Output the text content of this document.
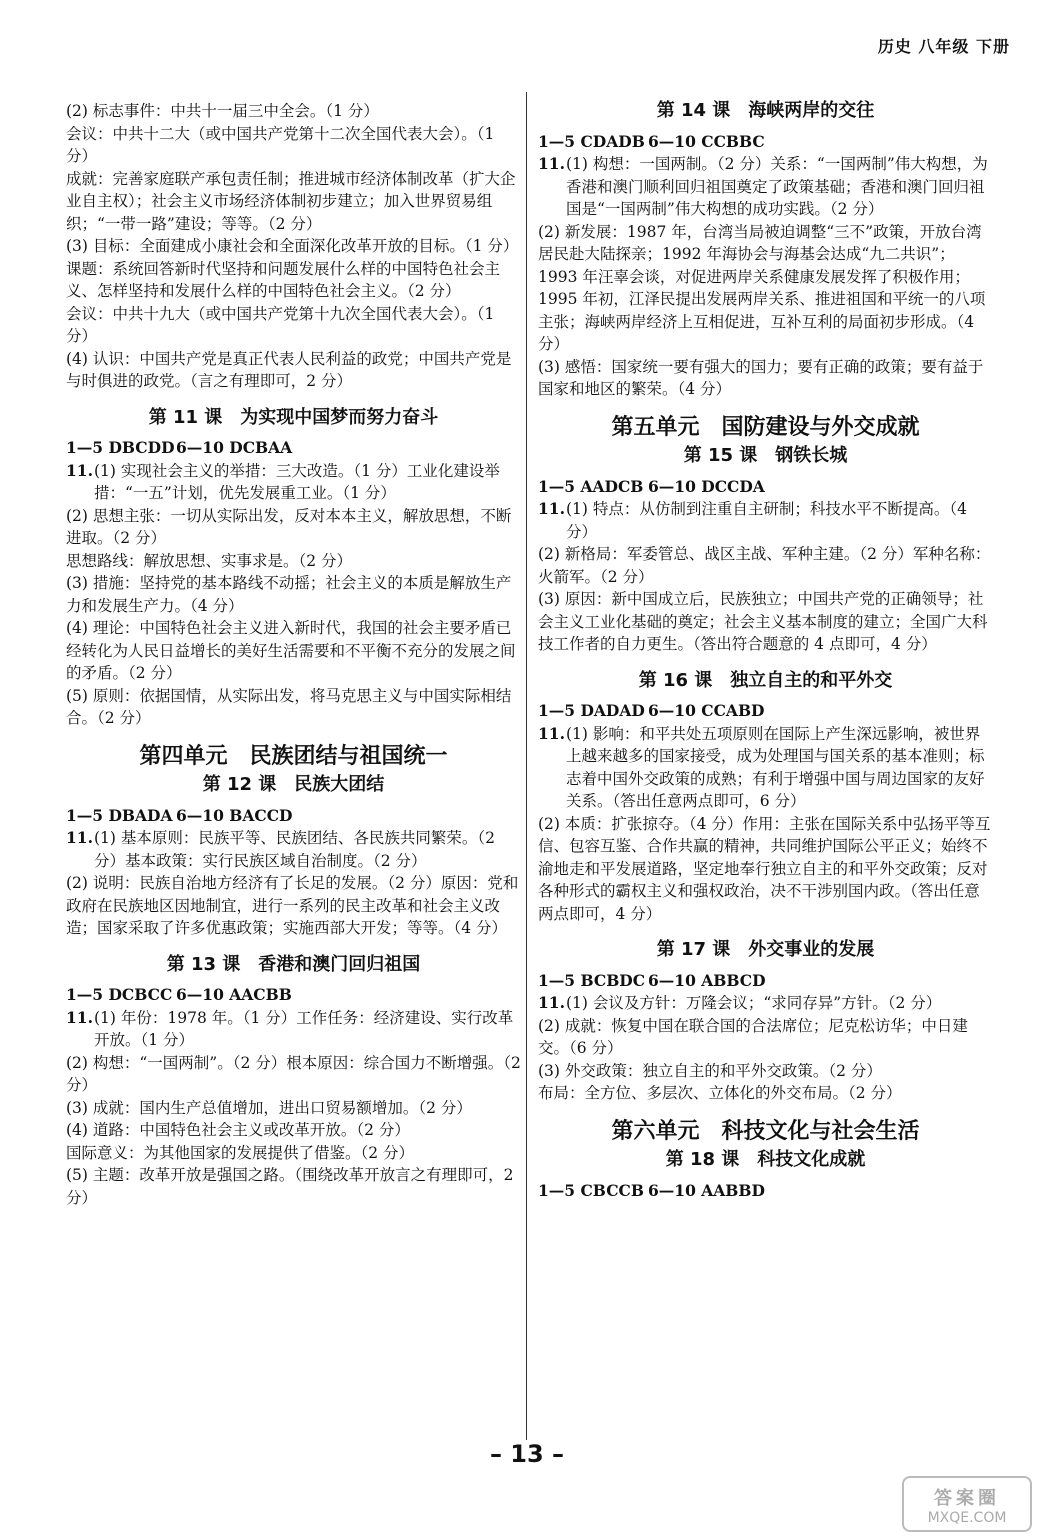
历史 八年级 下册

(2) 标志事件：中共十一届三中全会。（1 分）

会议：中共十二大（或中国共产党第十二次全国代表大会）。（1 分）

成就：完善家庭联产承包责任制；推进城市经济体制改革（扩大企业自主权）；社会主义市场经济体制初步建立；加入世界贸易组织；“一带一路”建设；等等。（2 分）

(3) 目标：全面建成小康社会和全面深化改革开放的目标。（1 分）

课题：系统回答新时代坚持和问题发展什么样的中国特色社会主义、怎样坚持和发展什么样的中国特色社会主义。（2 分）

会议：中共十九大（或中国共产党第十九次全国代表大会）。（1 分）

(4) 认识：中国共产党是真正代表人民利益的政党；中国共产党是与时俱进的政党。（言之有理即可，2 分）

第 11 课　为实现中国梦而努力奋斗

1—5 DBCDD6—10 DCBAA

11.(1) 实现社会主义的举措：三大改造。（1 分）工业化建设举措：“一五”计划，优先发展重工业。（1 分）

(2) 思想主张：一切从实际出发，反对本本主义，解放思想，不断进取。（2 分）

思想路线：解放思想、实事求是。（2 分）

(3) 措施：坚持党的基本路线不动摇；社会主义的本质是解放生产力和发展生产力。（4 分）

(4) 理论：中国特色社会主义进入新时代，我国的社会主要矛盾已经转化为人民日益增长的美好生活需要和不平衡不充分的发展之间的矛盾。（2 分）

(5) 原则：依据国情，从实际出发，将马克思主义与中国实际相结合。（2 分）

第四单元　民族团结与祖国统一
第 12 课　民族大团结

1—5 DBADA 6—10 BACCD

11.(1) 基本原则：民族平等、民族团结、各民族共同繁荣。（2 分）基本政策：实行民族区域自治制度。（2 分）

(2) 说明：民族自治地方经济有了长足的发展。（2 分）原因：党和政府在民族地区因地制宜，进行一系列的民主改革和社会主义改造；国家采取了许多优惠政策；实施西部大开发；等等。（4 分）

第 13 课　香港和澳门回归祖国

1—5 DCBCC 6—10 AACBB

11.(1) 年份：1978 年。（1 分）工作任务：经济建设、实行改革开放。（1 分）

(2) 构想：“一国两制”。（2 分）根本原因：综合国力不断增强。（2 分）

(3) 成就：国内生产总值增加，进出口贸易额增加。（2 分）

(4) 道路：中国特色社会主义或改革开放。（2 分）

国际意义：为其他国家的发展提供了借鉴。（2 分）

(5) 主题：改革开放是强国之路。（围绕改革开放言之有理即可，2 分）

第 14 课　海峡两岸的交往

1—5 CDADB 6—10 CCBBC

11.(1) 构想：一国两制。（2 分）关系：“一国两制”伟大构想，为香港和澳门顺利回归祖国奠定了政策基础；香港和澳门回归祖国是“一国两制”伟大构想的成功实践。（2 分）

(2) 新发展：1987 年，台湾当局被迫调整“三不”政策，开放台湾居民赴大陆探亲；1992 年海协会与海基会达成“九二共识”；1993 年汪辜会谈，对促进两岸关系健康发展发挥了积极作用；1995 年初，江泽民提出发展两岸关系、推进祖国和平统一的八项主张；海峡两岸经济上互相促进，互补互利的局面初步形成。（4 分）

(3) 感悟：国家统一要有强大的国力；要有正确的政策；要有益于国家和地区的繁荣。（4 分）

第五单元　国防建设与外交成就
第 15 课　钢铁长城

1—5 AADCB 6—10 DCCDA

11.(1) 特点：从仿制到注重自主研制；科技水平不断提高。（4 分）

(2) 新格局：军委管总、战区主战、军种主建。（2 分）军种名称：火箭军。（2 分）

(3) 原因：新中国成立后，民族独立；中国共产党的正确领导；社会主义工业化基础的奠定；社会主义基本制度的建立；全国广大科技工作者的自力更生。（答出符合题意的 4 点即可，4 分）

第 16 课　独立自主的和平外交

1—5 DADAD 6—10 CCABD

11.(1) 影响：和平共处五项原则在国际上产生深远影响，被世界上越来越多的国家接受，成为处理国与国关系的基本准则；标志着中国外交政策的成熟；有利于增强中国与周边国家的友好关系。（答出任意两点即可，6 分）

(2) 本质：扩张掠夺。（4 分）作用：主张在国际关系中弘扬平等互信、包容互鉴、合作共赢的精神，共同维护国际公平正义；始终不渝地走和平发展道路，坚定地奉行独立自主的和平外交政策；反对各种形式的霸权主义和强权政治，决不干涉别国内政。（答出任意两点即可，4 分）

第 17 课　外交事业的发展

1—5 BCBDC 6—10 ABBCD

11.(1) 会议及方针：万隆会议；“求同存异”方针。（2 分）

(2) 成就：恢复中国在联合国的合法席位；尼克松访华；中日建交。（6 分）

(3) 外交政策：独立自主的和平外交政策。（2 分）

布局：全方位、多层次、立体化的外交布局。（2 分）

第六单元　科技文化与社会生活
第 18 课　科技文化成就

1—5 CBCCB 6—10 AABBD

– 13 –
答案圈
MXQE.COM
